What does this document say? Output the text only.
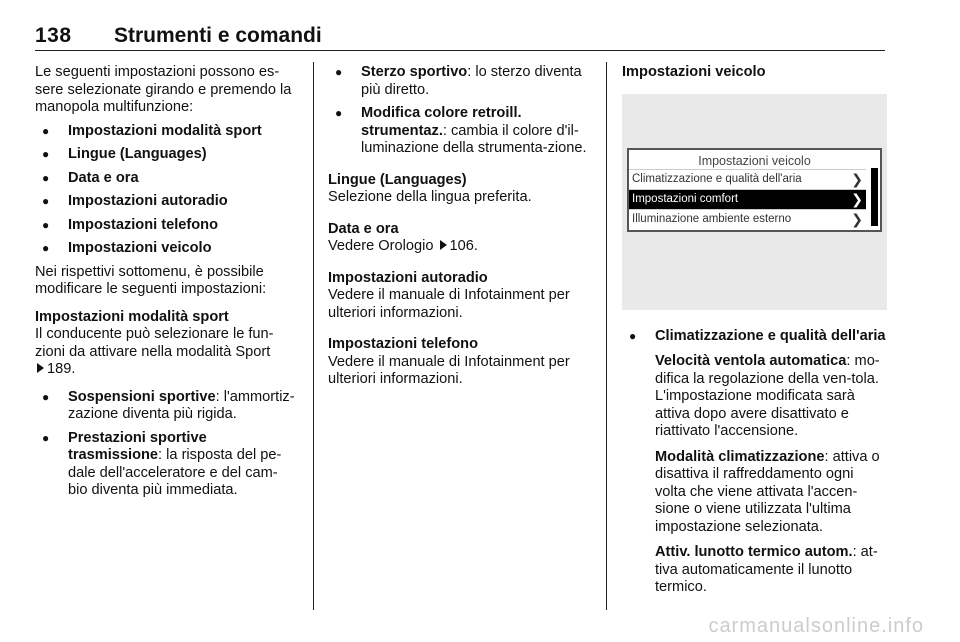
138 Strumenti e comandi

Le seguenti impostazioni possono es-sere selezionate girando e premendo la manopola multifunzione:

● Impostazioni modalità sport
● Lingue (Languages)
● Data e ora
● Impostazioni autoradio
● Impostazioni telefono
● Impostazioni veicolo

Nei rispettivi sottomenu, è possibile modificare le seguenti impostazioni:

Impostazioni modalità sport
Il conducente può selezionare le fun-zioni da attivare nella modalità Sport
189.

● Sospensioni sportive: l'ammortiz-zazione diventa più rigida.
● Prestazioni sportive trasmissione: la risposta del pe-dale dell'acceleratore e del cam-bio diventa più immediata.
● Sterzo sportivo: lo sterzo diventa più diretto.
● Modifica colore retroill. strumentaz.: cambia il colore d'il-luminazione della strumenta-zione.

Lingue (Languages)
Selezione della lingua preferita.

Data e ora
Vedere Orologio 106.

Impostazioni autoradio
Vedere il manuale di Infotainment per ulteriori informazioni.

Impostazioni telefono
Vedere il manuale di Infotainment per ulteriori informazioni.

Impostazioni veicolo
Impostazioni veicolo
Climatizzazione e qualità dell'aria	❯
Impostazioni comfort	❯
Illuminazione ambiente esterno	❯
● Climatizzazione e qualità dell'aria

Velocità ventola automatica: mo-difica la regolazione della ven-tola. L'impostazione modificata sarà attiva dopo avere disattivato e riattivato l'accensione.

Modalità climatizzazione: attiva o disattiva il raffreddamento ogni volta che viene attivata l'accen-sione o viene utilizzata l'ultima impostazione selezionata.

Attiv. lunotto termico autom.: at-tiva automaticamente il lunotto termico.

carmanualsonline.info
